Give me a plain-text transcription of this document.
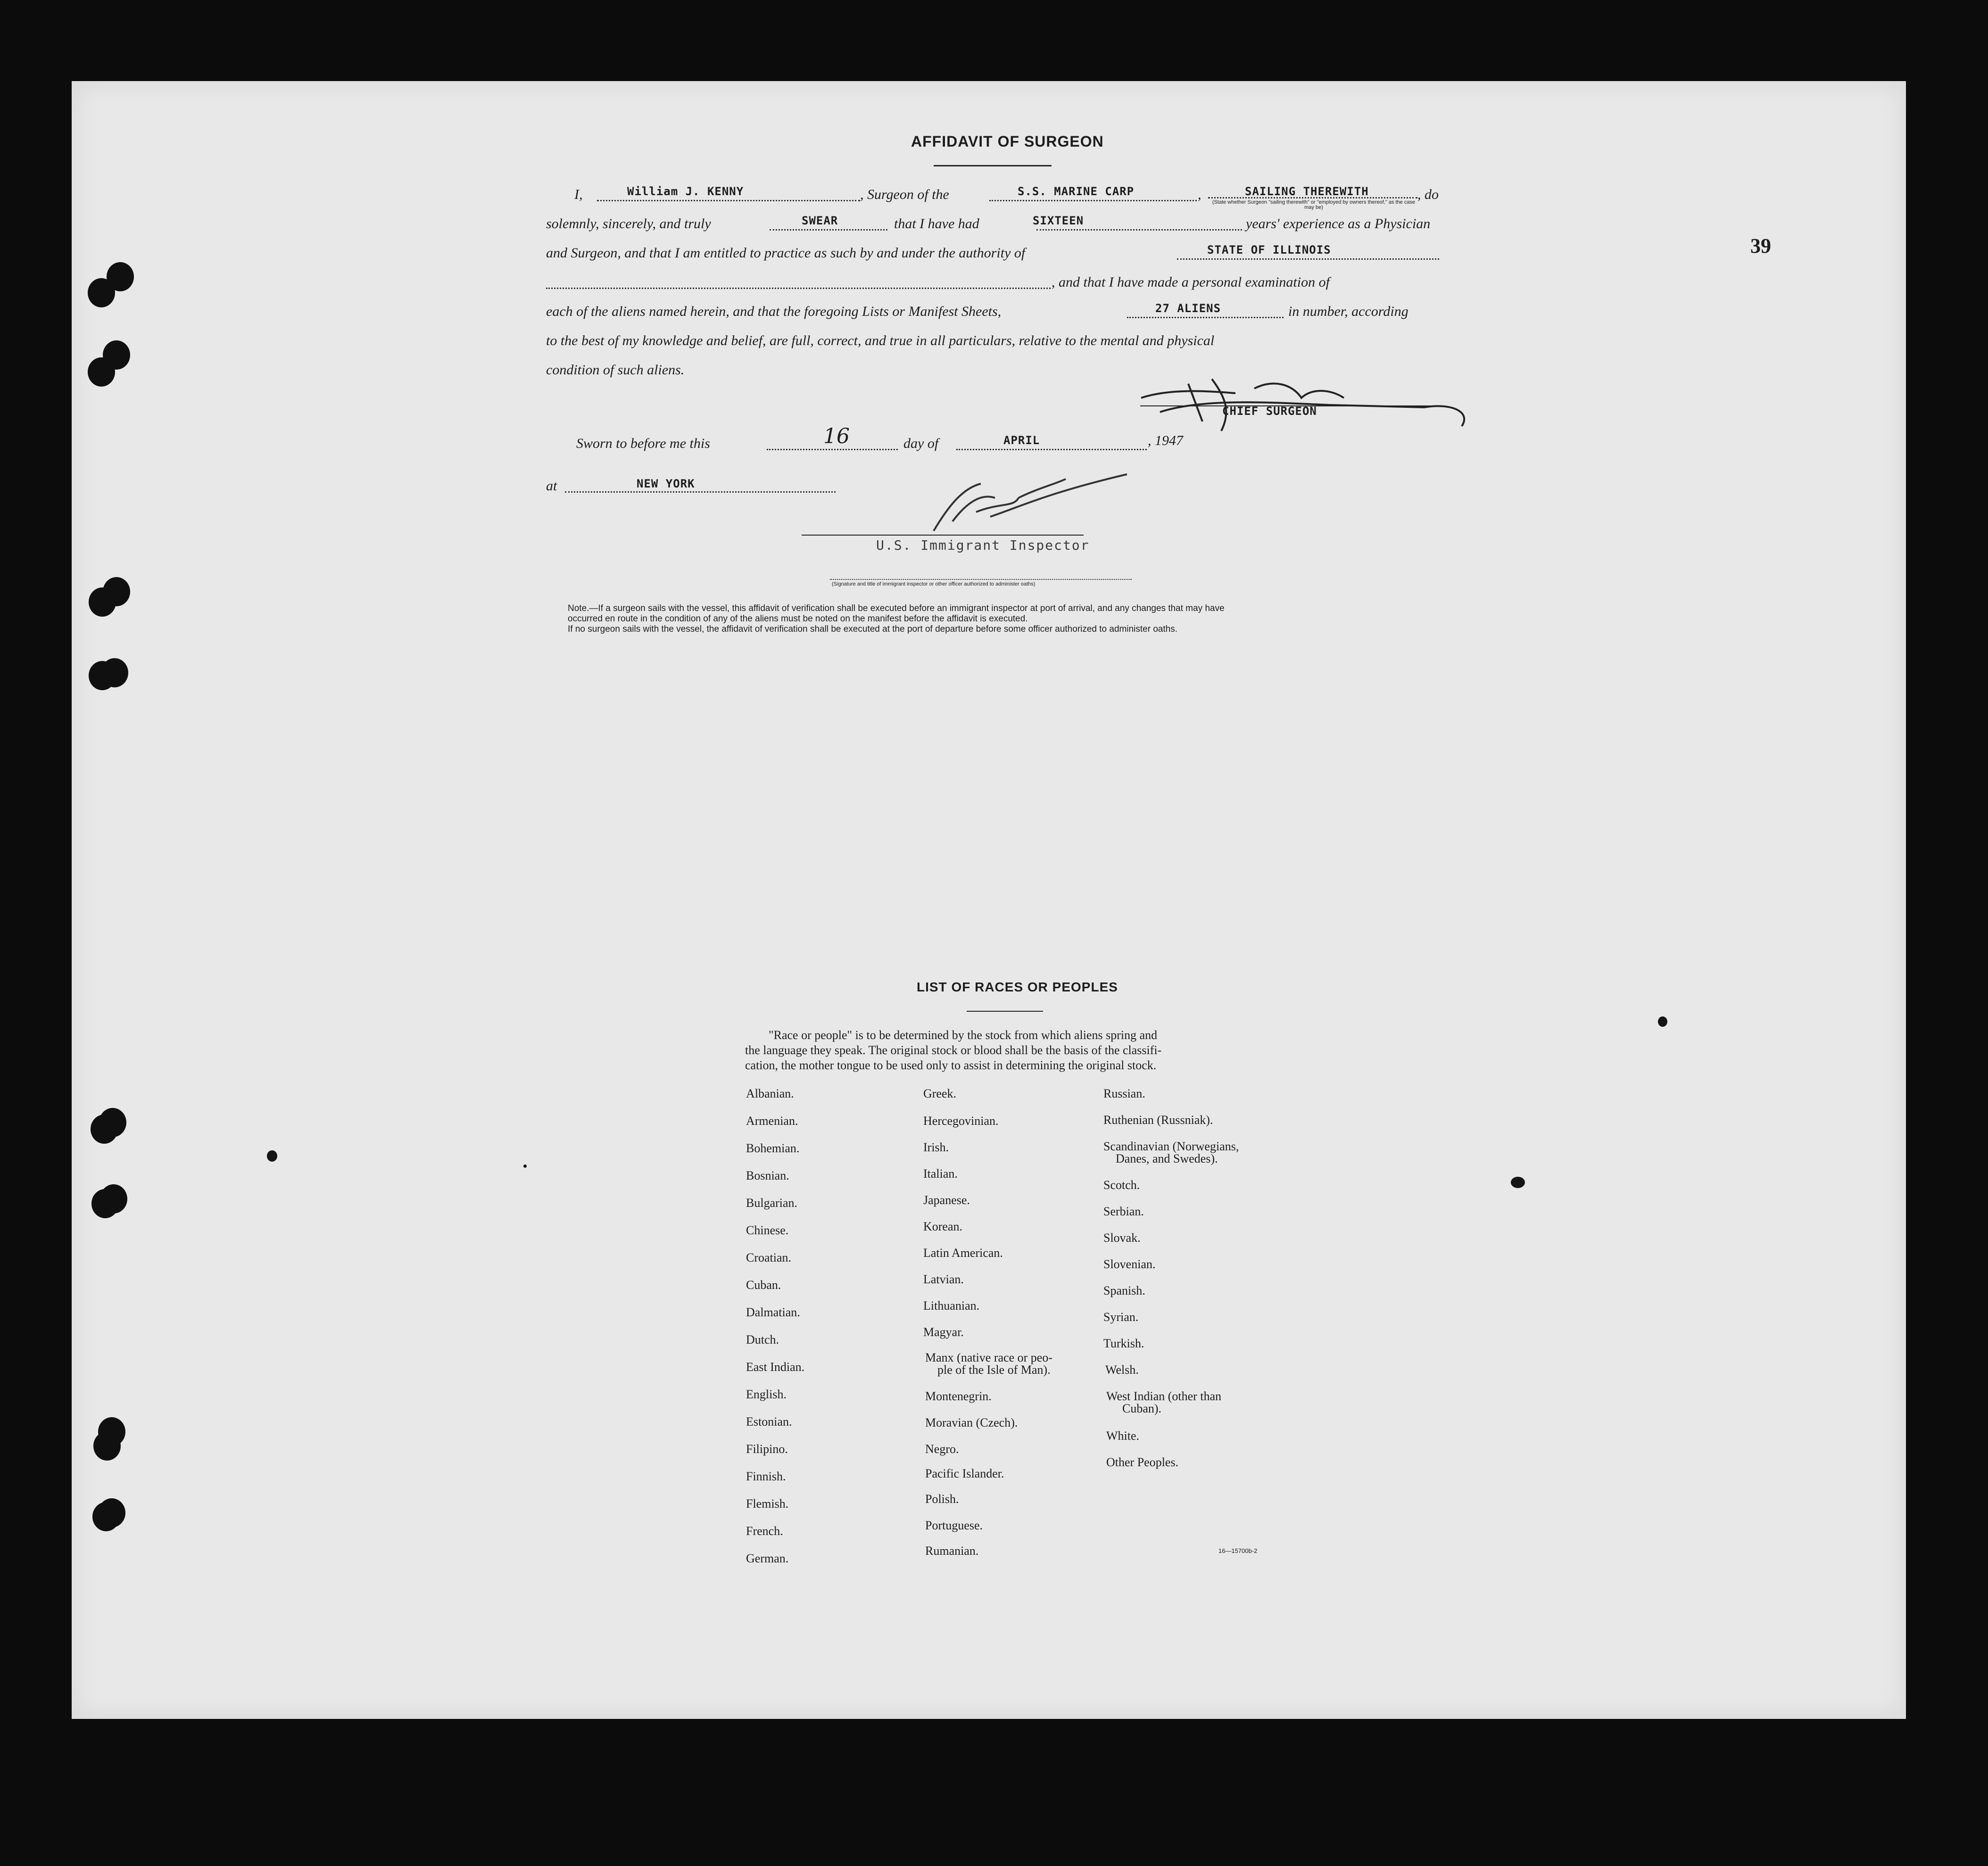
39
AFFIDAVIT OF SURGEON
I,	William J. KENNY	, Surgeon of the	S.S. MARINE CARP	,	SAILING THEREWITH
(State whether Surgeon "sailing therewith" or "employed by owners thereof," as the case may be)
, do
solemnly, sincerely, and truly	SWEAR	that I have had	SIXTEEN	years' experience as a Physician
and Surgeon, and that I am entitled to practice as such by and under the authority of	STATE OF ILLINOIS
, and that I have made a personal examination of
each of the aliens named herein, and that the foregoing Lists or Manifest Sheets,	27 ALIENS	in number, according
to the best of my knowledge and belief, are full, correct, and true in all particulars, relative to the mental and physical
condition of such aliens.
CHIEF SURGEON
Sworn to before me this	16	day of	APRIL	, 1947
at	NEW YORK
U.S. Immigrant Inspector
(Signature and title of immigrant inspector or other officer authorized to administer oaths)
Note.—If a surgeon sails with the vessel, this affidavit of verification shall be executed before an immigrant inspector at port of arrival, and any changes that may have
occurred en route in the condition of any of the aliens must be noted on the manifest before the affidavit is executed.
If no surgeon sails with the vessel, the affidavit of verification shall be executed at the port of departure before some officer authorized to administer oaths.
LIST OF RACES OR PEOPLES
"Race or people" is to be determined by the stock from which aliens spring and
the language they speak. The original stock or blood shall be the basis of the classifi-
cation, the mother tongue to be used only to assist in determining the original stock.
Albanian.
Armenian.
Bohemian.
Bosnian.
Bulgarian.
Chinese.
Croatian.
Cuban.
Dalmatian.
Dutch.
East Indian.
English.
Estonian.
Filipino.
Finnish.
Flemish.
French.
German.
Greek.
Hercegovinian.
Irish.
Italian.
Japanese.
Korean.
Latin American.
Latvian.
Lithuanian.
Magyar.
Manx (native race or peo-
ple of the Isle of Man).
Montenegrin.
Moravian (Czech).
Negro.
Pacific Islander.
Polish.
Portuguese.
Rumanian.
Russian.
Ruthenian (Russniak).
Scandinavian (Norwegians,
Danes, and Swedes).
Scotch.
Serbian.
Slovak.
Slovenian.
Spanish.
Syrian.
Turkish.
Welsh.
West Indian (other than
Cuban).
White.
Other Peoples.
16—15700b-2
